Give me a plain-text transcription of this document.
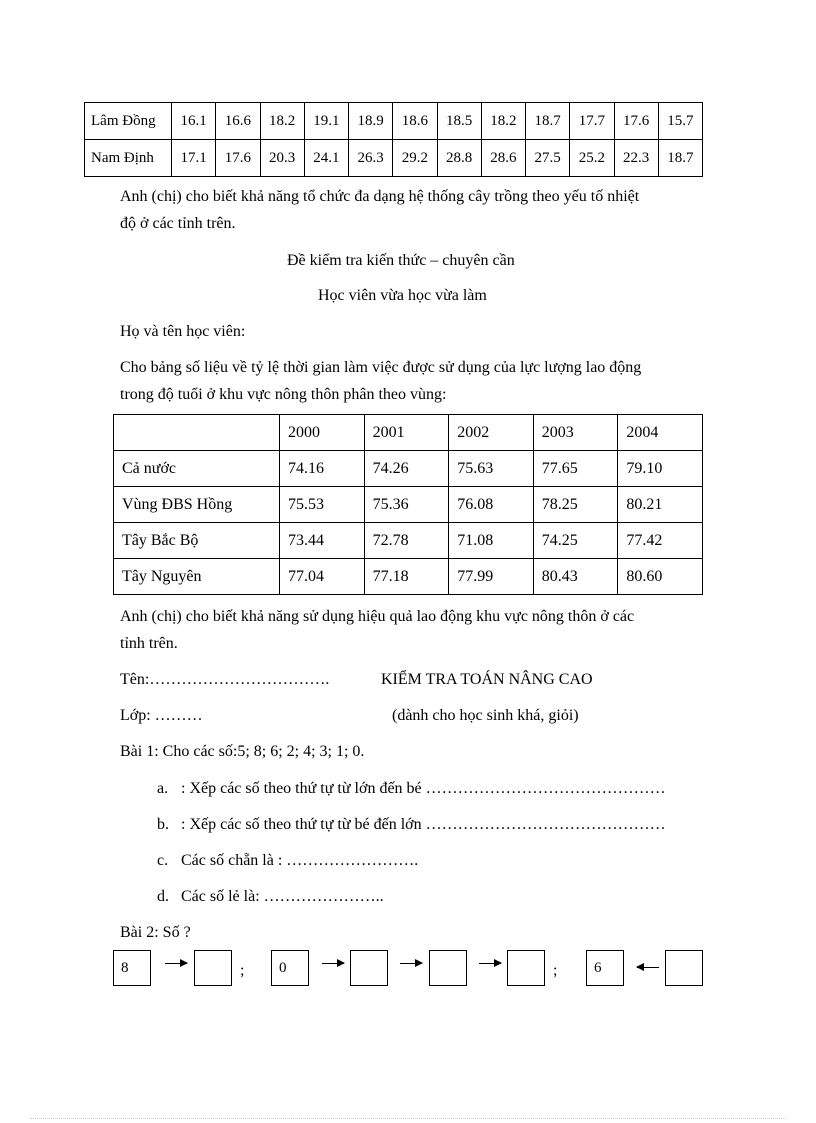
Lâm Đồng	16.1	16.6	18.2	19.1	18.9	18.6	18.5	18.2	18.7	17.7	17.6	15.7
Nam Định	17.1	17.6	20.3	24.1	26.3	29.2	28.8	28.6	27.5	25.2	22.3	18.7
Anh (chị) cho biết khả năng tổ chức đa dạng hệ thống cây trồng theo yếu tố nhiệt
độ ở các tỉnh trên.
Đề kiểm tra kiến thức – chuyên cần
Học viên vừa học vừa làm
Họ và tên học viên:
Cho bảng số liệu về tỷ lệ thời gian làm việc được sử dụng của lực lượng lao động
trong độ tuổi ở khu vực nông thôn phân theo vùng:
	2000	2001	2002	2003	2004
Cả nước	74.16	74.26	75.63	77.65	79.10
Vùng ĐBS Hồng	75.53	75.36	76.08	78.25	80.21
Tây Bắc Bộ	73.44	72.78	71.08	74.25	77.42
Tây Nguyên	77.04	77.18	77.99	80.43	80.60
Anh (chị) cho biết khả năng sử dụng hiệu quả lao động khu vực nông thôn ở các
tỉnh trên.
Tên:…………………………….	KIỂM TRA TOÁN NÂNG CAO
Lớp: ………	(dành cho học sinh khá, giỏi)
Bài 1: Cho các số:5; 8; 6; 2; 4; 3; 1; 0.
a. : Xếp các số theo thứ tự từ lớn đến bé ………………………………………
b. : Xếp các số theo thứ tự từ bé đến lớn ………………………………………
c. Các số chẵn là : …………………….
d. Các số lẻ là: …………………..
Bài 2: Số ?
8	; 0	; 6
